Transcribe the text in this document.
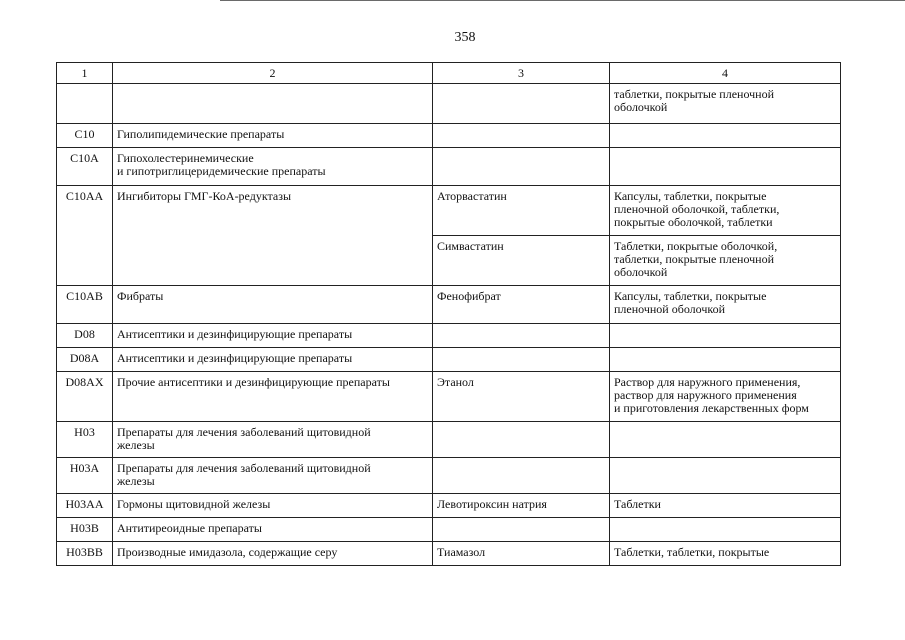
358
1	2	3	4

			таблетки, покрытые пленочной
оболочкой

C10	Гиполипидемические препараты		
C10A	Гипохолестеринемические
и гипотриглицеридемические препараты		

C10AA	Ингибиторы ГМГ-КоА-редуктазы	Аторвастатин	Капсулы, таблетки, покрытые
пленочной оболочкой, таблетки,
покрытые оболочкой, таблетки

		Симвастатин	Таблетки, покрытые оболочкой,
таблетки, покрытые пленочной
оболочкой

C10AB	Фибраты	Фенофибрат	Капсулы, таблетки, покрытые
пленочной оболочкой

D08	Антисептики и дезинфицирующие препараты		
D08A	Антисептики и дезинфицирующие препараты		
D08AX	Прочие антисептики и дезинфицирующие препараты	Этанол	Раствор для наружного применения,
раствор для наружного применения
и приготовления лекарственных форм

H03	Препараты для лечения заболеваний щитовидной
железы		

H03A	Препараты для лечения заболеваний щитовидной
железы		

H03AA	Гормоны щитовидной железы	Левотироксин натрия	Таблетки
H03B	Антитиреоидные препараты		
H03BB	Производные имидазола, содержащие серу	Тиамазол	Таблетки, таблетки, покрытые
